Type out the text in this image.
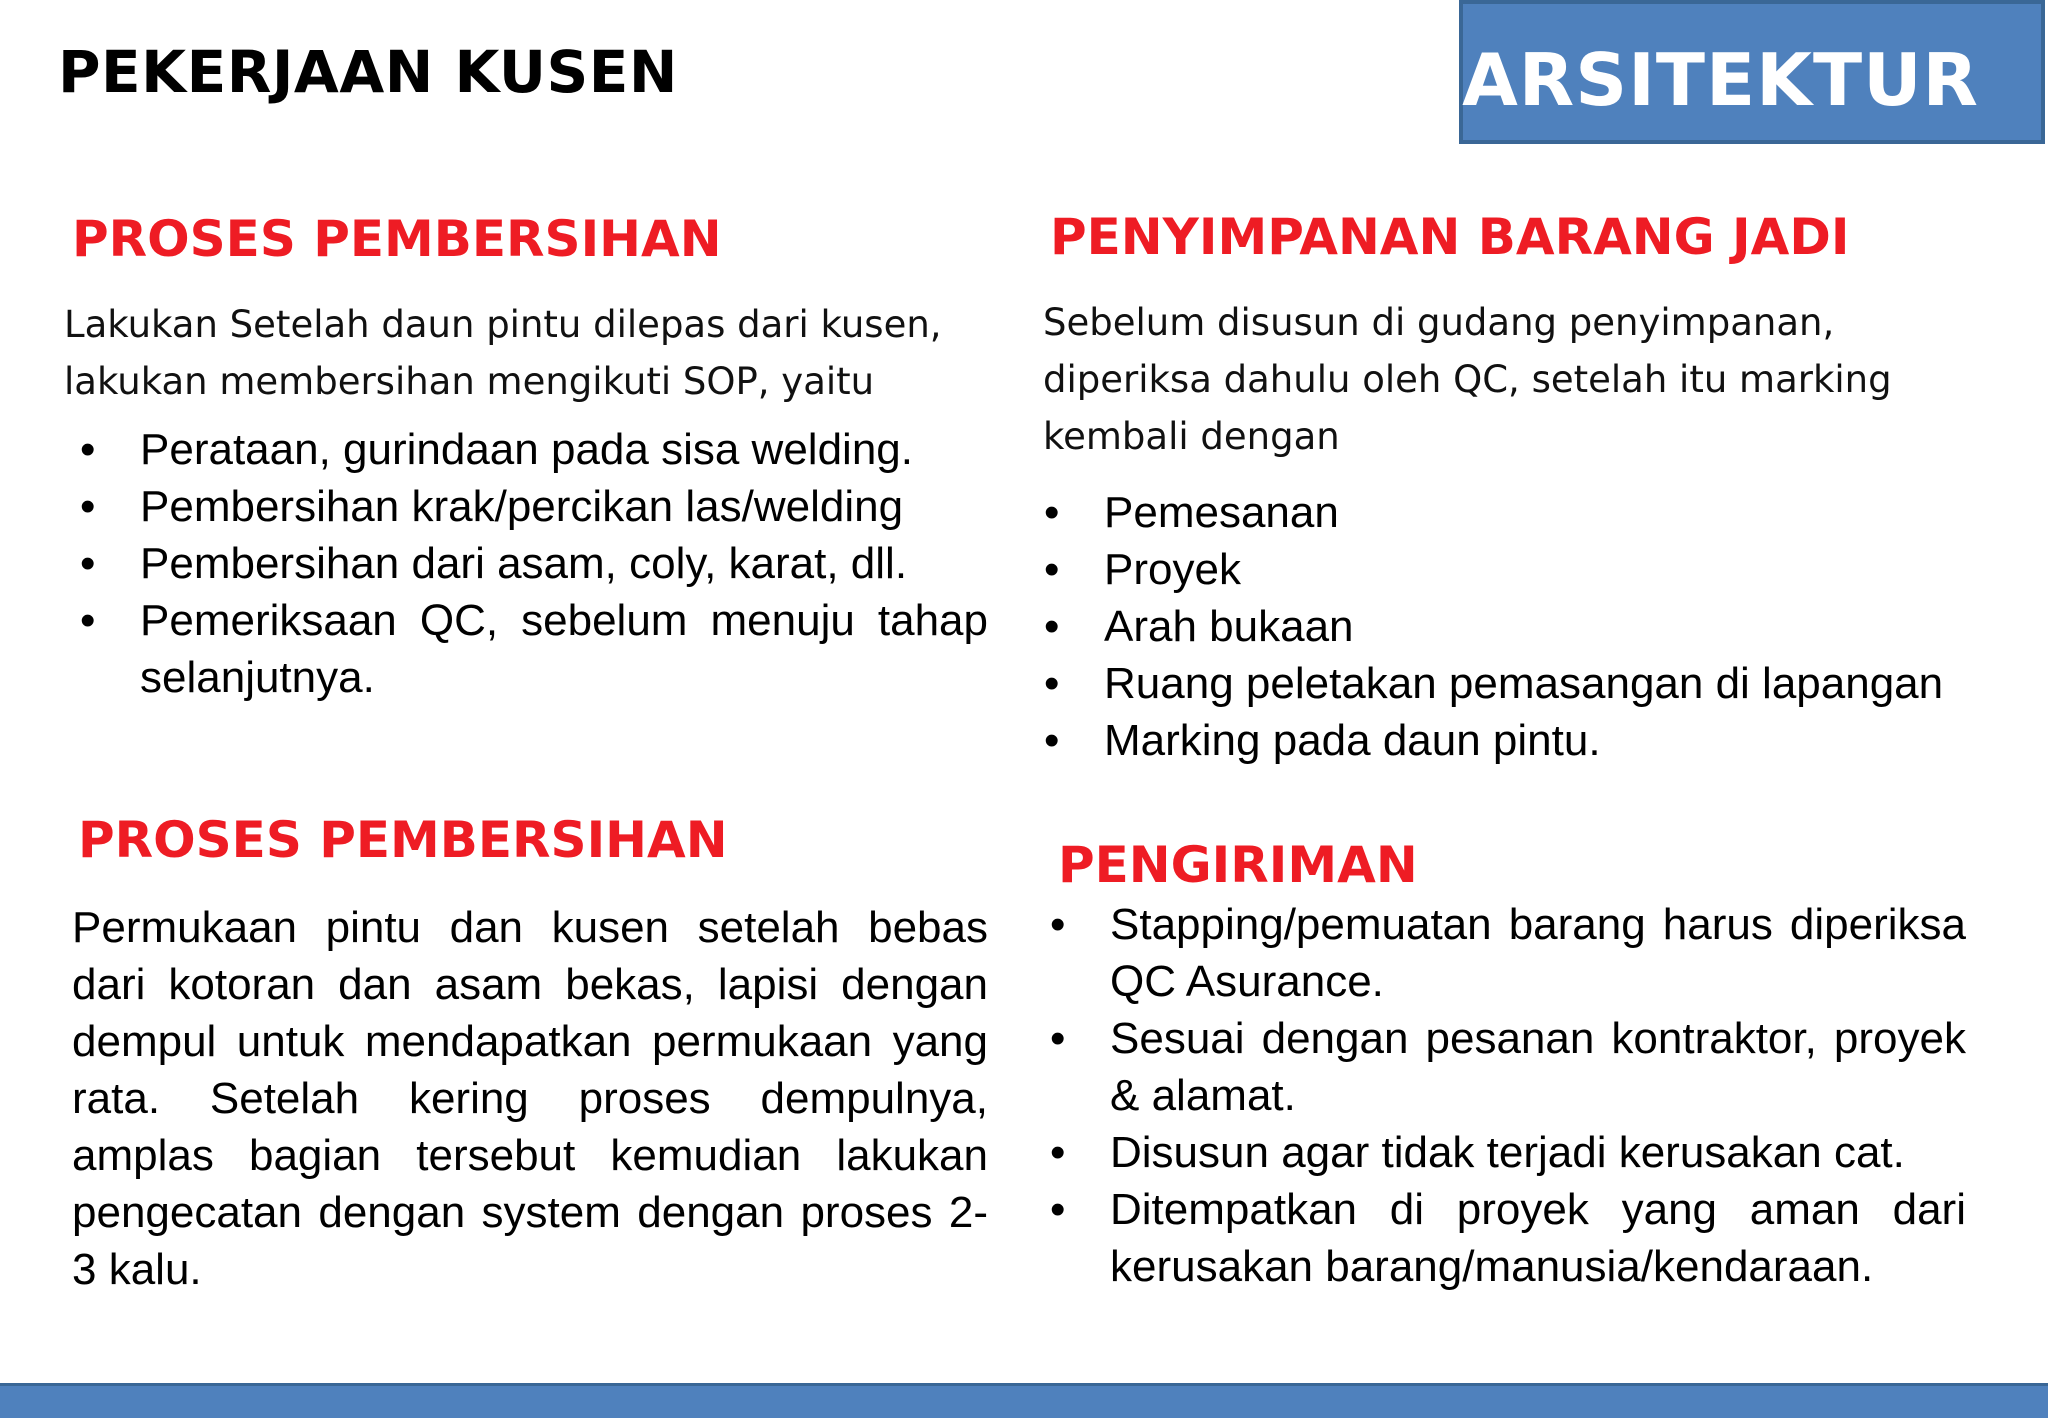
PEKERJAAN KUSEN	ARSITEKTUR
PROSES PEMBERSIHAN
Lakukan Setelah daun pintu dilepas dari kusen, lakukan membersihan mengikuti SOP, yaitu
•	Perataan, gurindaan pada sisa welding.
•	Pembersihan krak/percikan las/welding
•	Pembersihan dari asam, coly, karat, dll.
•	Pemeriksaan QC, sebelum menuju tahap selanjutnya.
PROSES PEMBERSIHAN

Permukaan pintu dan kusen setelah bebas dari kotoran dan asam bekas, lapisi dengan dempul untuk mendapatkan permukaan yang rata. Setelah kering proses dempulnya, amplas bagian tersebut kemudian lakukan pengecatan dengan system dengan proses 2-3 kalu.

PENYIMPANAN BARANG JADI
Sebelum disusun di gudang penyimpanan, diperiksa dahulu oleh QC, setelah itu marking kembali dengan
•	Pemesanan
•	Proyek
•	Arah bukaan
•	Ruang peletakan pemasangan di lapangan
•	Marking pada daun pintu.
PENGIRIMAN
•	Stapping/pemuatan barang harus diperiksa QC Asurance.
•	Sesuai dengan pesanan kontraktor, proyek & alamat.
•	Disusun agar tidak terjadi kerusakan cat.
•	Ditempatkan di proyek yang aman dari kerusakan barang/manusia/kendaraan.
